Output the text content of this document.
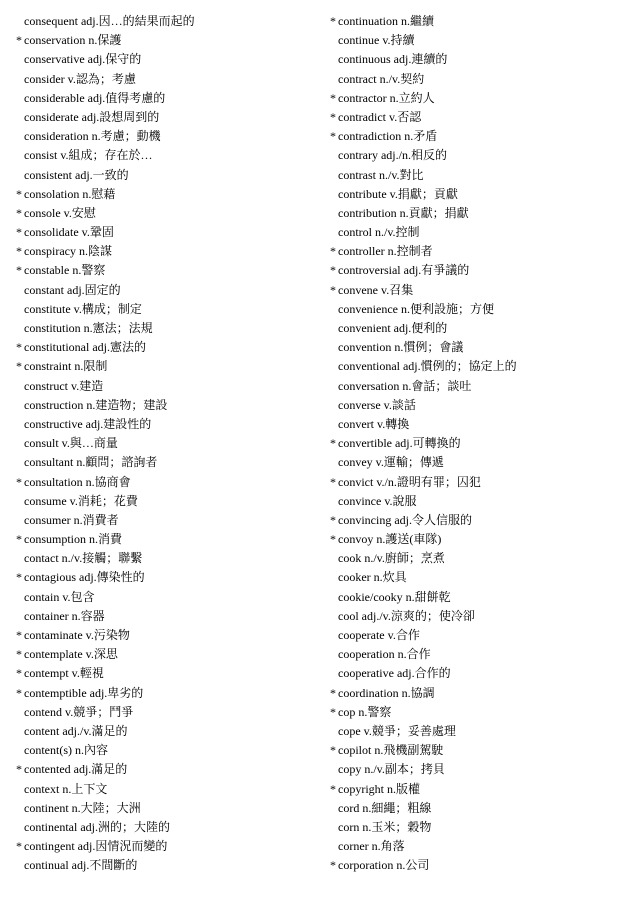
consequent adj.因…的結果而起的
* conservation n.保護
conservative adj.保守的
consider v.認為；考慮
considerable adj.值得考慮的
considerate adj.設想周到的
consideration n.考慮；動機
consist v.組成；存在於…
consistent adj.一致的
* consolation n.慰藉
* console v.安慰
* consolidate v.鞏固
* conspiracy n.陰謀
* constable n.警察
constant adj.固定的
constitute v.構成；制定
constitution n.憲法；法規
* constitutional adj.憲法的
* constraint n.限制
construct v.建造
construction n.建造物；建設
constructive adj.建設性的
consult v.與…商量
consultant n.顧問；諮詢者
* consultation n.協商會
consume v.消耗；花費
consumer n.消費者
* consumption n.消費
contact n./v.接觸；聯繫
* contagious adj.傳染性的
contain v.包含
container n.容器
* contaminate v.污染物
* contemplate v.深思
* contempt v.輕視
* contemptible adj.卑劣的
contend v.競爭；鬥爭
content adj./v.滿足的
content(s) n.內容
* contented adj.滿足的
context n.上下文
continent n.大陸；大洲
continental adj.洲的；大陸的
* contingent adj.因情況而變的
continual adj.不間斷的
* continuation n.繼續
continue v.持續
continuous adj.連續的
contract n./v.契約
* contractor n.立約人
* contradict v.否認
* contradiction n.矛盾
contrary adj./n.相反的
contrast n./v.對比
contribute v.捐獻；貢獻
contribution n.貢獻；捐獻
control n./v.控制
* controller n.控制者
* controversial adj.有爭議的
* convene v.召集
convenience n.便利設施；方便
convenient adj.便利的
convention n.慣例；會議
conventional adj.慣例的；協定上的
conversation n.會話；談吐
converse v.談話
convert v.轉換
* convertible adj.可轉換的
convey v.運輸；傳遞
* convict v./n.證明有罪；囚犯
convince v.說服
* convincing adj.令人信服的
* convoy n.護送(車隊)
cook n./v.廚師；烹煮
cooker n.炊具
cookie/cooky n.甜餅乾
cool adj./v.涼爽的；使冷卻
cooperate v.合作
cooperation n.合作
cooperative adj.合作的
* coordination n.協調
* cop n.警察
cope v.競爭；妥善處理
* copilot n.飛機副駕駛
copy n./v.副本；拷貝
* copyright n.版權
cord n.細繩；粗線
corn n.玉米；穀物
corner n.角落
* corporation n.公司
